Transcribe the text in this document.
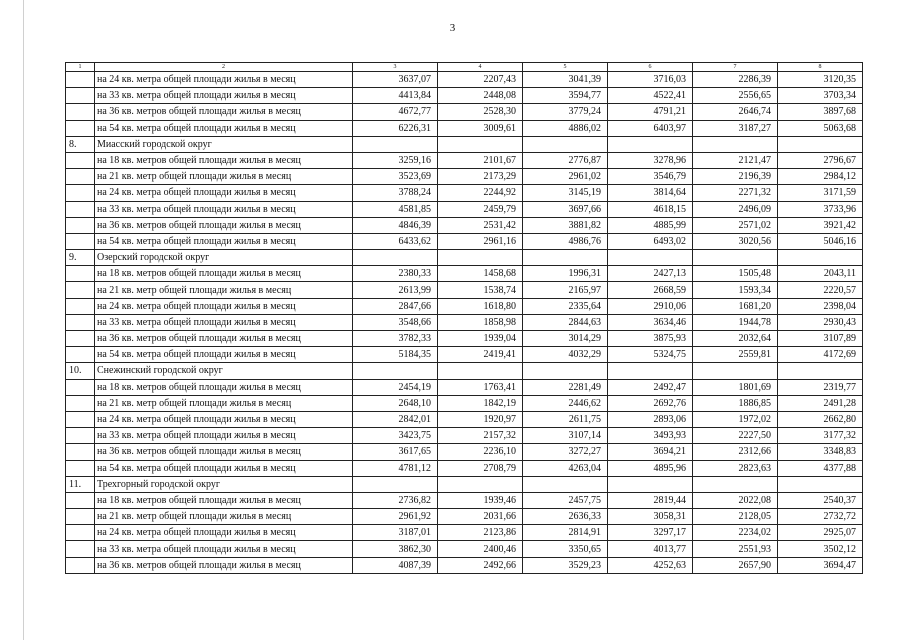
3
1	2	3	4	5	6	7	8
	на 24 кв. метра общей площади жилья в месяц	3637,07	2207,43	3041,39	3716,03	2286,39	3120,35
	на 33 кв. метра общей площади жилья в месяц	4413,84	2448,08	3594,77	4522,41	2556,65	3703,34
	на 36 кв. метров общей площади жилья в месяц	4672,77	2528,30	3779,24	4791,21	2646,74	3897,68
	на 54 кв. метра общей площади жилья в месяц	6226,31	3009,61	4886,02	6403,97	3187,27	5063,68
8.	Миасский городской округ						
	на 18 кв. метров общей площади жилья в месяц	3259,16	2101,67	2776,87	3278,96	2121,47	2796,67
	на 21 кв. метр общей площади жилья в месяц	3523,69	2173,29	2961,02	3546,79	2196,39	2984,12
	на 24 кв. метра общей площади жилья в месяц	3788,24	2244,92	3145,19	3814,64	2271,32	3171,59
	на 33 кв. метра общей площади жилья в месяц	4581,85	2459,79	3697,66	4618,15	2496,09	3733,96
	на 36 кв. метров общей площади жилья в месяц	4846,39	2531,42	3881,82	4885,99	2571,02	3921,42
	на 54 кв. метра общей площади жилья в месяц	6433,62	2961,16	4986,76	6493,02	3020,56	5046,16
9.	Озерский городской округ						
	на 18 кв. метров общей площади жилья в месяц	2380,33	1458,68	1996,31	2427,13	1505,48	2043,11
	на 21 кв. метр общей площади жилья в месяц	2613,99	1538,74	2165,97	2668,59	1593,34	2220,57
	на 24 кв. метра общей площади жилья в месяц	2847,66	1618,80	2335,64	2910,06	1681,20	2398,04
	на 33 кв. метра общей площади жилья в месяц	3548,66	1858,98	2844,63	3634,46	1944,78	2930,43
	на 36 кв. метров общей площади жилья в месяц	3782,33	1939,04	3014,29	3875,93	2032,64	3107,89
	на 54 кв. метра общей площади жилья в месяц	5184,35	2419,41	4032,29	5324,75	2559,81	4172,69
10.	Снежинский городской округ						
	на 18 кв. метров общей площади жилья в месяц	2454,19	1763,41	2281,49	2492,47	1801,69	2319,77
	на 21 кв. метр общей площади жилья в месяц	2648,10	1842,19	2446,62	2692,76	1886,85	2491,28
	на 24 кв. метра общей площади жилья в месяц	2842,01	1920,97	2611,75	2893,06	1972,02	2662,80
	на 33 кв. метра общей площади жилья в месяц	3423,75	2157,32	3107,14	3493,93	2227,50	3177,32
	на 36 кв. метров общей площади жилья в месяц	3617,65	2236,10	3272,27	3694,21	2312,66	3348,83
	на 54 кв. метра общей площади жилья в месяц	4781,12	2708,79	4263,04	4895,96	2823,63	4377,88
11.	Трехгорный городской округ						
	на 18 кв. метров общей площади жилья в месяц	2736,82	1939,46	2457,75	2819,44	2022,08	2540,37
	на 21 кв. метр общей площади жилья в месяц	2961,92	2031,66	2636,33	3058,31	2128,05	2732,72
	на 24 кв. метра общей площади жилья в месяц	3187,01	2123,86	2814,91	3297,17	2234,02	2925,07
	на 33 кв. метра общей площади жилья в месяц	3862,30	2400,46	3350,65	4013,77	2551,93	3502,12
	на 36 кв. метров общей площади жилья в месяц	4087,39	2492,66	3529,23	4252,63	2657,90	3694,47
